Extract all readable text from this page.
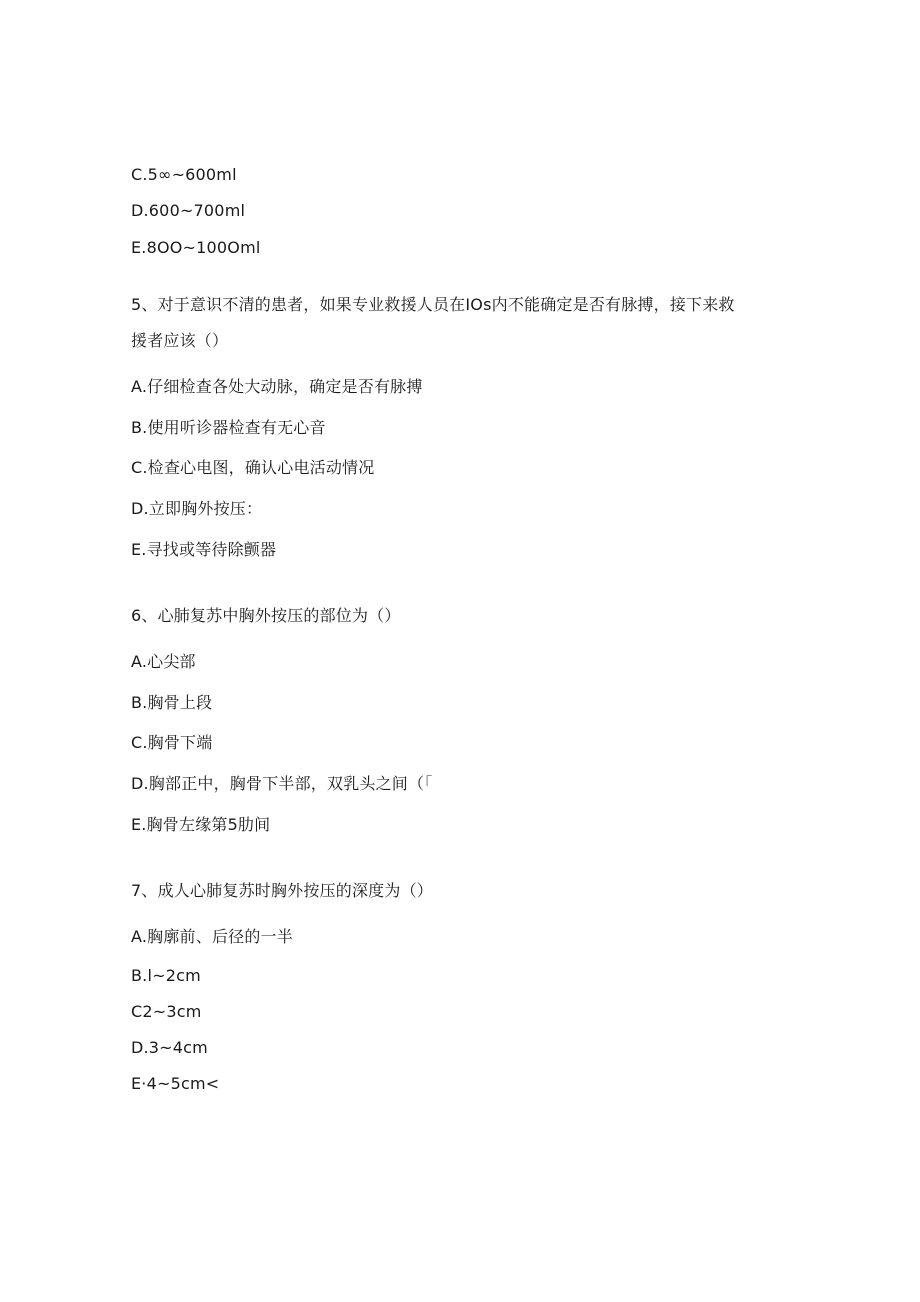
C.5∞~600ml
D.600~700ml
E.8OO~100Oml
5、对于意识不清的患者，如果专业救援人员在IOs内不能确定是否有脉搏，接下来救
援者应该（）
A.仔细检查各处大动脉，确定是否有脉搏
B.使用听诊器检查有无心音
C.检查心电图，确认心电活动情况
D.立即胸外按压：
E.寻找或等待除颤器
6、心肺复苏中胸外按压的部位为（）
A.心尖部
B.胸骨上段
C.胸骨下端
D.胸部正中，胸骨下半部，双乳头之间（「
E.胸骨左缘第5肋间
7、成人心肺复苏时胸外按压的深度为（）
A.胸廓前、后径的一半
B.l~2cm
C2~3cm
D.3~4cm
E·4~5cm<
